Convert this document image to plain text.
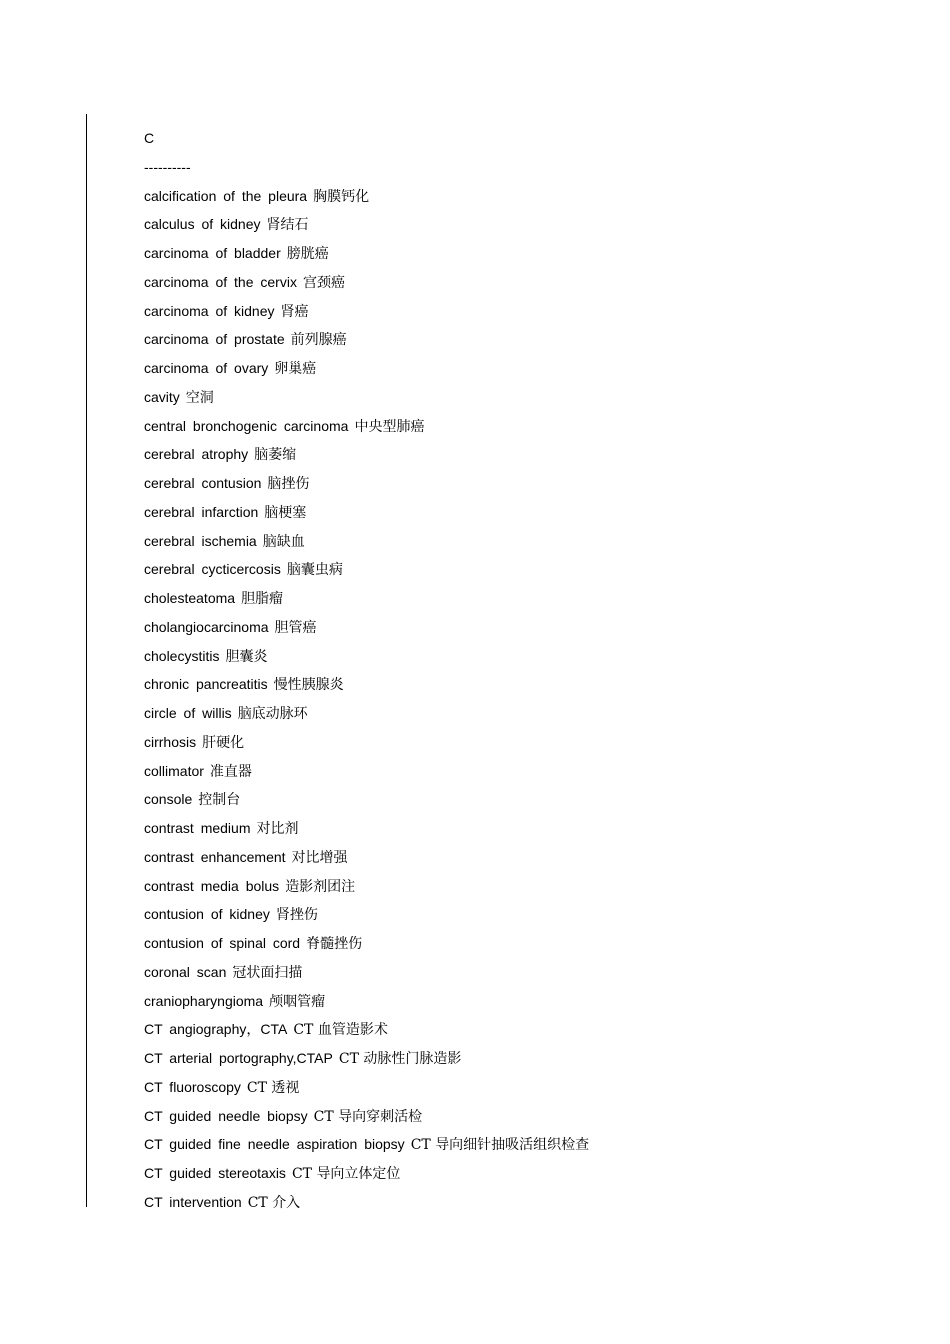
C
----------
calcification of the pleura 胸膜钙化
calculus of kidney 肾结石
carcinoma of bladder 膀胱癌
carcinoma of the cervix 宫颈癌
carcinoma of kidney 肾癌
carcinoma of prostate 前列腺癌
carcinoma of ovary 卵巢癌
cavity 空洞
central bronchogenic carcinoma 中央型肺癌
cerebral atrophy 脑萎缩
cerebral contusion 脑挫伤
cerebral infarction 脑梗塞
cerebral ischemia 脑缺血
cerebral cycticercosis 脑囊虫病
cholesteatoma 胆脂瘤
cholangiocarcinoma 胆管癌
cholecystitis 胆囊炎
chronic pancreatitis 慢性胰腺炎
circle of willis 脑底动脉环
cirrhosis 肝硬化
collimator 准直器
console 控制台
contrast medium 对比剂
contrast enhancement 对比增强
contrast media bolus 造影剂团注
contusion of kidney 肾挫伤
contusion of spinal cord 脊髓挫伤
coronal scan 冠状面扫描
craniopharyngioma 颅咽管瘤
CT angiography，CTA CT 血管造影术
CT arterial portography,CTAP CT 动脉性门脉造影
CT fluoroscopy CT 透视
CT guided needle biopsy CT 导向穿刺活检
CT guided fine needle aspiration biopsy CT 导向细针抽吸活组织检查
CT guided stereotaxis CT 导向立体定位
CT intervention CT 介入
